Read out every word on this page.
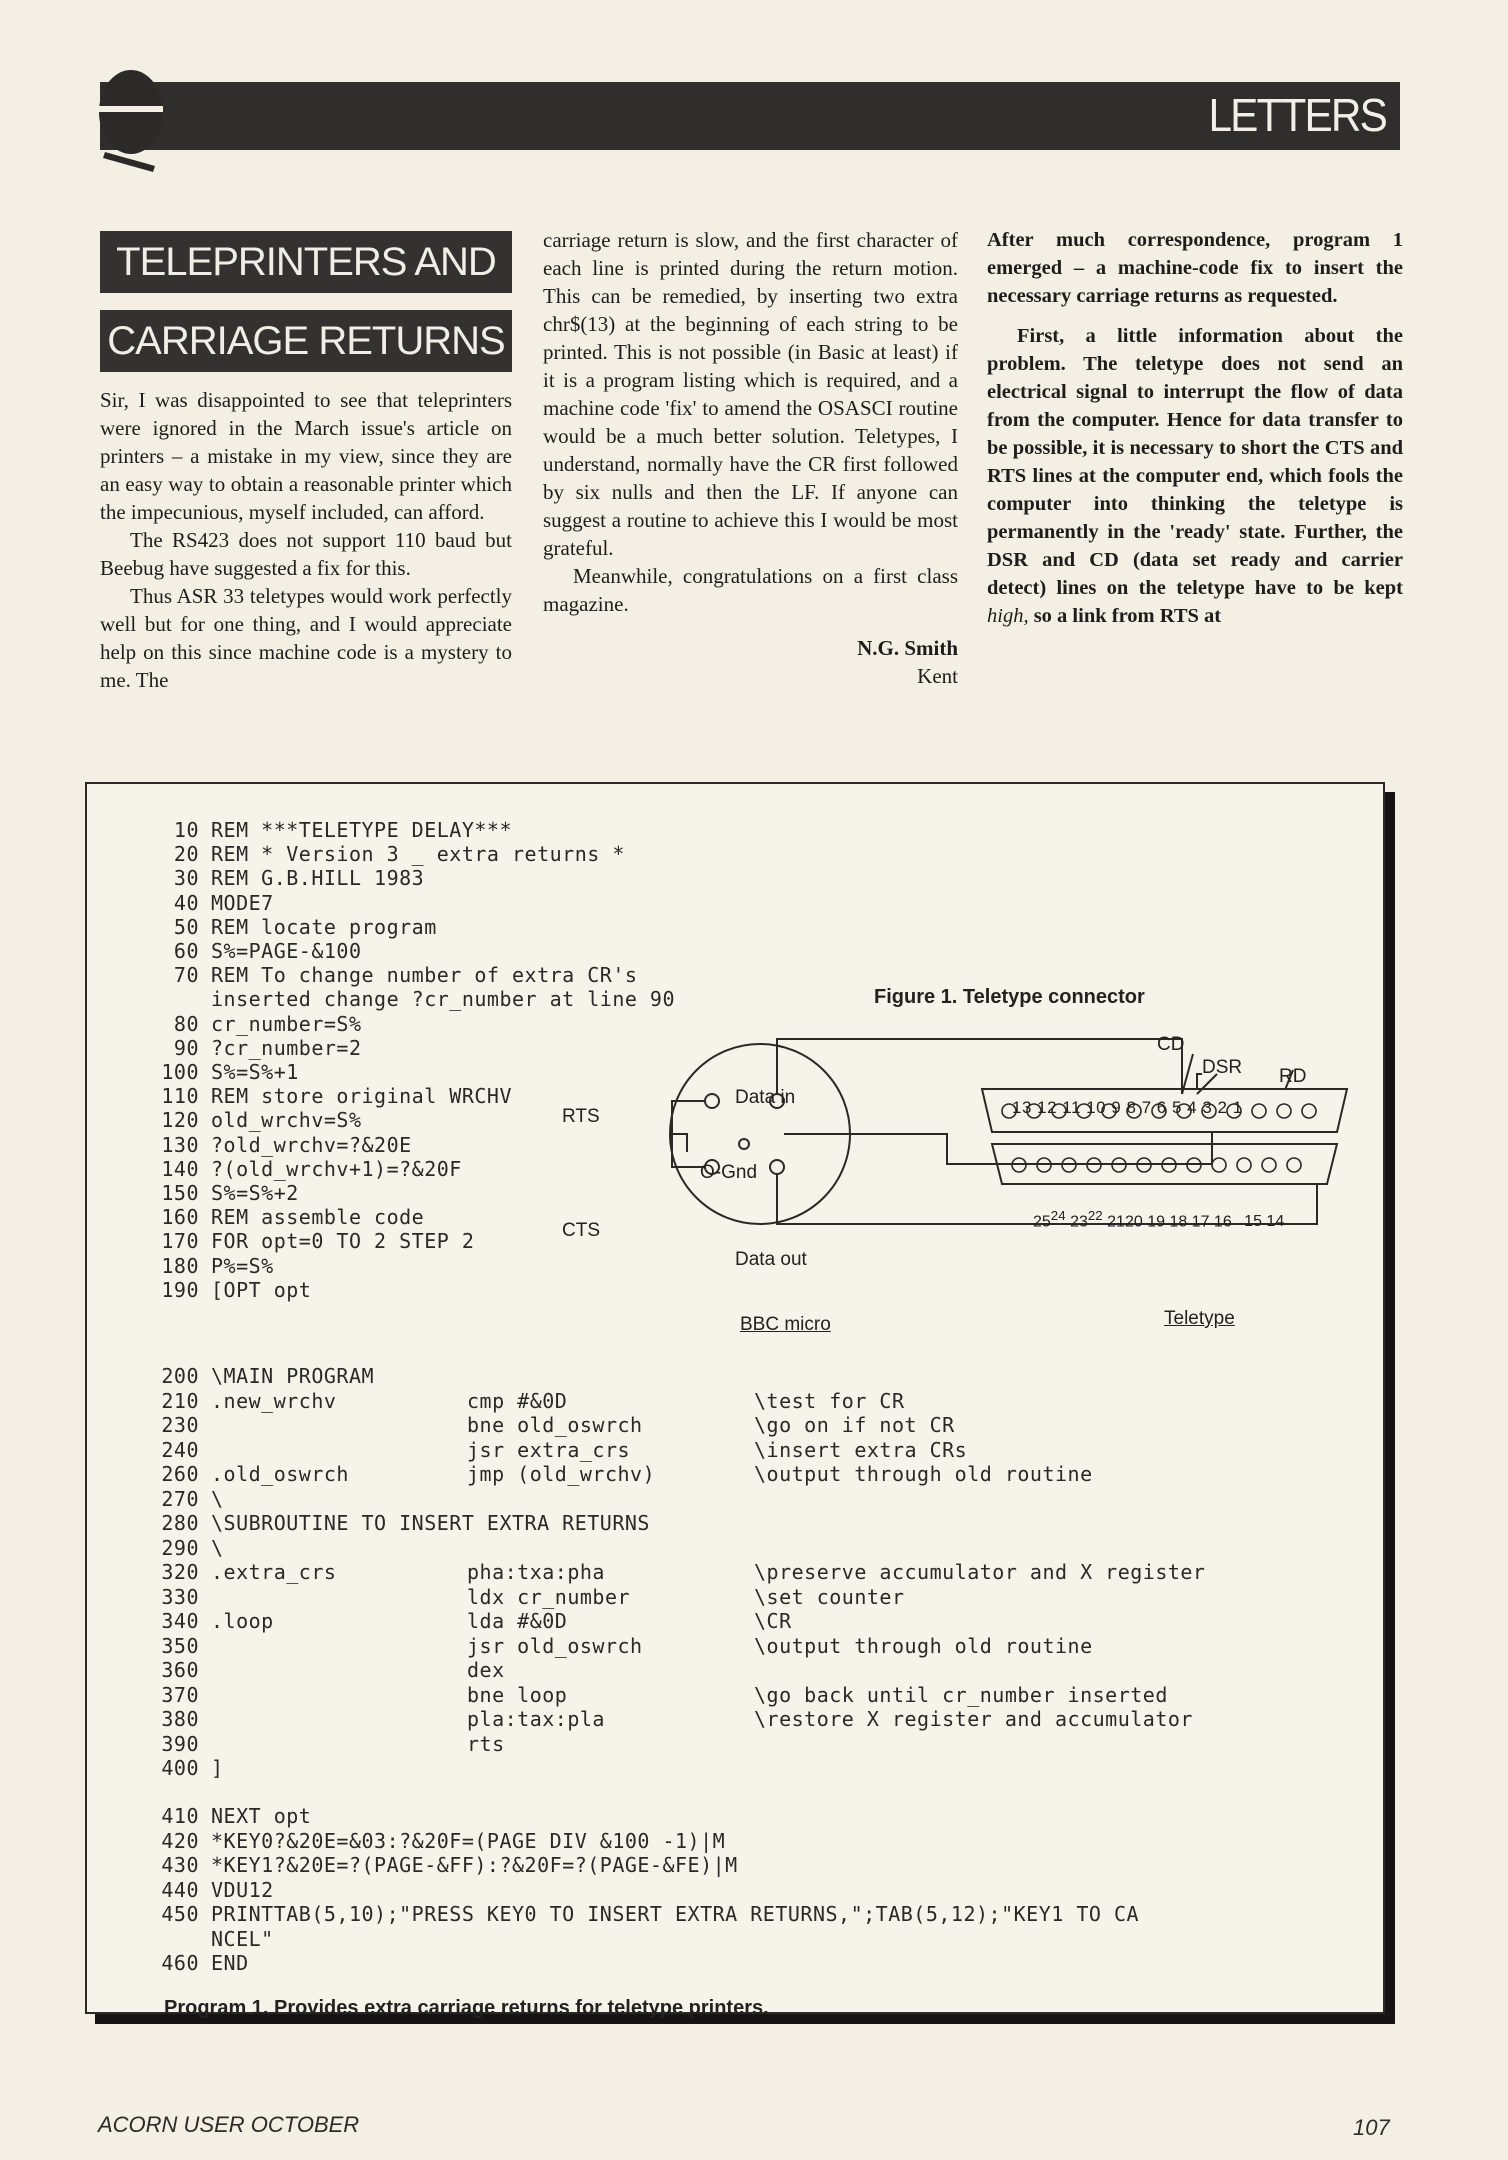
LETTERS
TELEPRINTERS AND
CARRIAGE RETURNS

Sir, I was disappointed to see that teleprinters were ignored in the March issue's article on printers – a mistake in my view, since they are an easy way to obtain a reasonable printer which the impecunious, myself included, can afford.

The RS423 does not support 110 baud but Beebug have suggested a fix for this.

Thus ASR 33 teletypes would work perfectly well but for one thing, and I would appreciate help on this since machine code is a mystery to me. The

carriage return is slow, and the first character of each line is printed during the return motion. This can be remedied, by inserting two extra chr$(13) at the beginning of each string to be printed. This is not possible (in Basic at least) if it is a program listing which is required, and a machine code 'fix' to amend the OSASCI routine would be a much better solution. Teletypes, I understand, normally have the CR first followed by six nulls and then the LF. If anyone can suggest a routine to achieve this I would be most grateful.

Meanwhile, congratulations on a first class magazine.

N.G. Smith
Kent

After much correspondence, program 1 emerged – a machine-code fix to insert the necessary carriage returns as requested.

First, a little information about the problem. The teletype does not send an electrical signal to interrupt the flow of data from the computer. Hence for data transfer to be possible, it is necessary to short the CTS and RTS lines at the computer end, which fools the computer into thinking the teletype is permanently in the 'ready' state. Further, the DSR and CD (data set ready and carrier detect) lines on the teletype have to be kept high, so a link from RTS at

10 REM ***TELETYPE DELAY***
20 REM * Version 3 _ extra returns *
30 REM G.B.HILL 1983
40 MODE7
50 REM locate program
60 S%=PAGE-&100
70 REM To change number of extra CR's
inserted change ?cr_number at line 90
80 cr_number=S%
90 ?cr_number=2
100 S%=S%+1
110 REM store original WRCHV
120 old_wrchv=S%
130 ?old_wrchv=?&20E
140 ?(old_wrchv+1)=?&20F
150 S%=S%+2
160 REM assemble code
170 FOR opt=0 TO 2 STEP 2
180 P%=S%
190 [OPT opt
200 \MAIN PROGRAM
210 .new_wrchv	cmp #&0D	\test for CR
230	bne old_oswrch	\go on if not CR
240	jsr extra_crs	\insert extra CRs
260 .old_oswrch	jmp (old_wrchv)	\output through old routine
270 \
280 \SUBROUTINE TO INSERT EXTRA RETURNS
290 \
320 .extra_crs	pha:txa:pha	\preserve accumulator and X register
330	ldx cr_number	\set counter
340 .loop	lda #&0D	\CR
350	jsr old_oswrch	\output through old routine
360	dex
370	bne loop	\go back until cr_number inserted
380	pla:tax:pla	\restore X register and accumulator
390	rts
400 ]
410 NEXT opt
420 *KEY0?&20E=&03:?&20F=(PAGE DIV &100 -1)|M
430 *KEY1?&20E=?(PAGE-&FF):?&20F=?(PAGE-&FE)|M
440 VDU12
450 PRINTTAB(5,10);"PRESS KEY0 TO INSERT EXTRA RETURNS,";TAB(5,12);"KEY1 TO CA
NCEL"
460 END
Figure 1. Teletype connector
RTS
CTS
Data in
Data out
O-Gnd
CD
DSR RD
13 12 11 10 9 8 7 6 5 4 3 2 1
$25^{24}$ $23^{22}$ 2120 19 18 17 16 15 14
BBC micro	Teletype
Program 1. Provides extra carriage returns for teletype printers.
ACORN USER OCTOBER	107
